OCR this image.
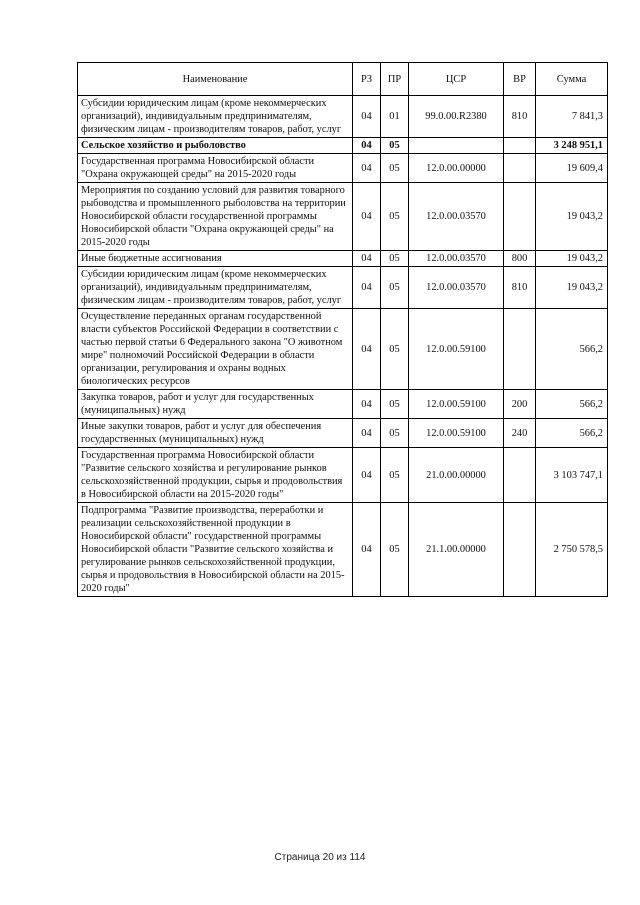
Наименование	РЗ	ПР	ЦСР	ВР	Сумма
Субсидии юридическим лицам (кроме некоммерческих организаций), индивидуальным предпринимателям, физическим лицам - производителям товаров, работ, услуг	04	01	99.0.00.R2380	810	7 841,3
Сельское хозяйство и рыболовство	04	05			3 248 951,1
Государственная программа Новосибирской области "Охрана окружающей среды" на 2015-2020 годы	04	05	12.0.00.00000		19 609,4
Мероприятия по созданию условий для развития товарного рыбоводства и промышленного рыболовства на территории Новосибирской области государственной программы Новосибирской области "Охрана окружающей среды" на 2015-2020 годы	04	05	12.0.00.03570		19 043,2
Иные бюджетные ассигнования	04	05	12.0.00.03570	800	19 043,2
Субсидии юридическим лицам (кроме некоммерческих организаций), индивидуальным предпринимателям, физическим лицам - производителям товаров, работ, услуг	04	05	12.0.00.03570	810	19 043,2
Осуществление переданных органам государственной власти субъектов Российской Федерации в соответствии с частью первой статьи 6 Федерального закона "О животном мире" полномочий Российской Федерации в области организации, регулирования и охраны водных биологических ресурсов	04	05	12.0.00.59100		566,2
Закупка товаров, работ и услуг для государственных (муниципальных) нужд	04	05	12.0.00.59100	200	566,2
Иные закупки товаров, работ и услуг для обеспечения государственных (муниципальных) нужд	04	05	12.0.00.59100	240	566,2
Государственная программа Новосибирской области "Развитие сельского хозяйства и регулирование рынков сельскохозяйственной продукции, сырья и продовольствия в Новосибирской области на 2015-2020 годы"	04	05	21.0.00.00000		3 103 747,1
Подпрограмма "Развитие производства, переработки и реализации сельскохозяйственной продукции в Новосибирской области" государственной программы Новосибирской области "Развитие сельского хозяйства и регулирование рынков сельскохозяйственной продукции, сырья и продовольствия в Новосибирской области на 2015-2020 годы"	04	05	21.1.00.00000		2 750 578,5
Страница 20 из 114
